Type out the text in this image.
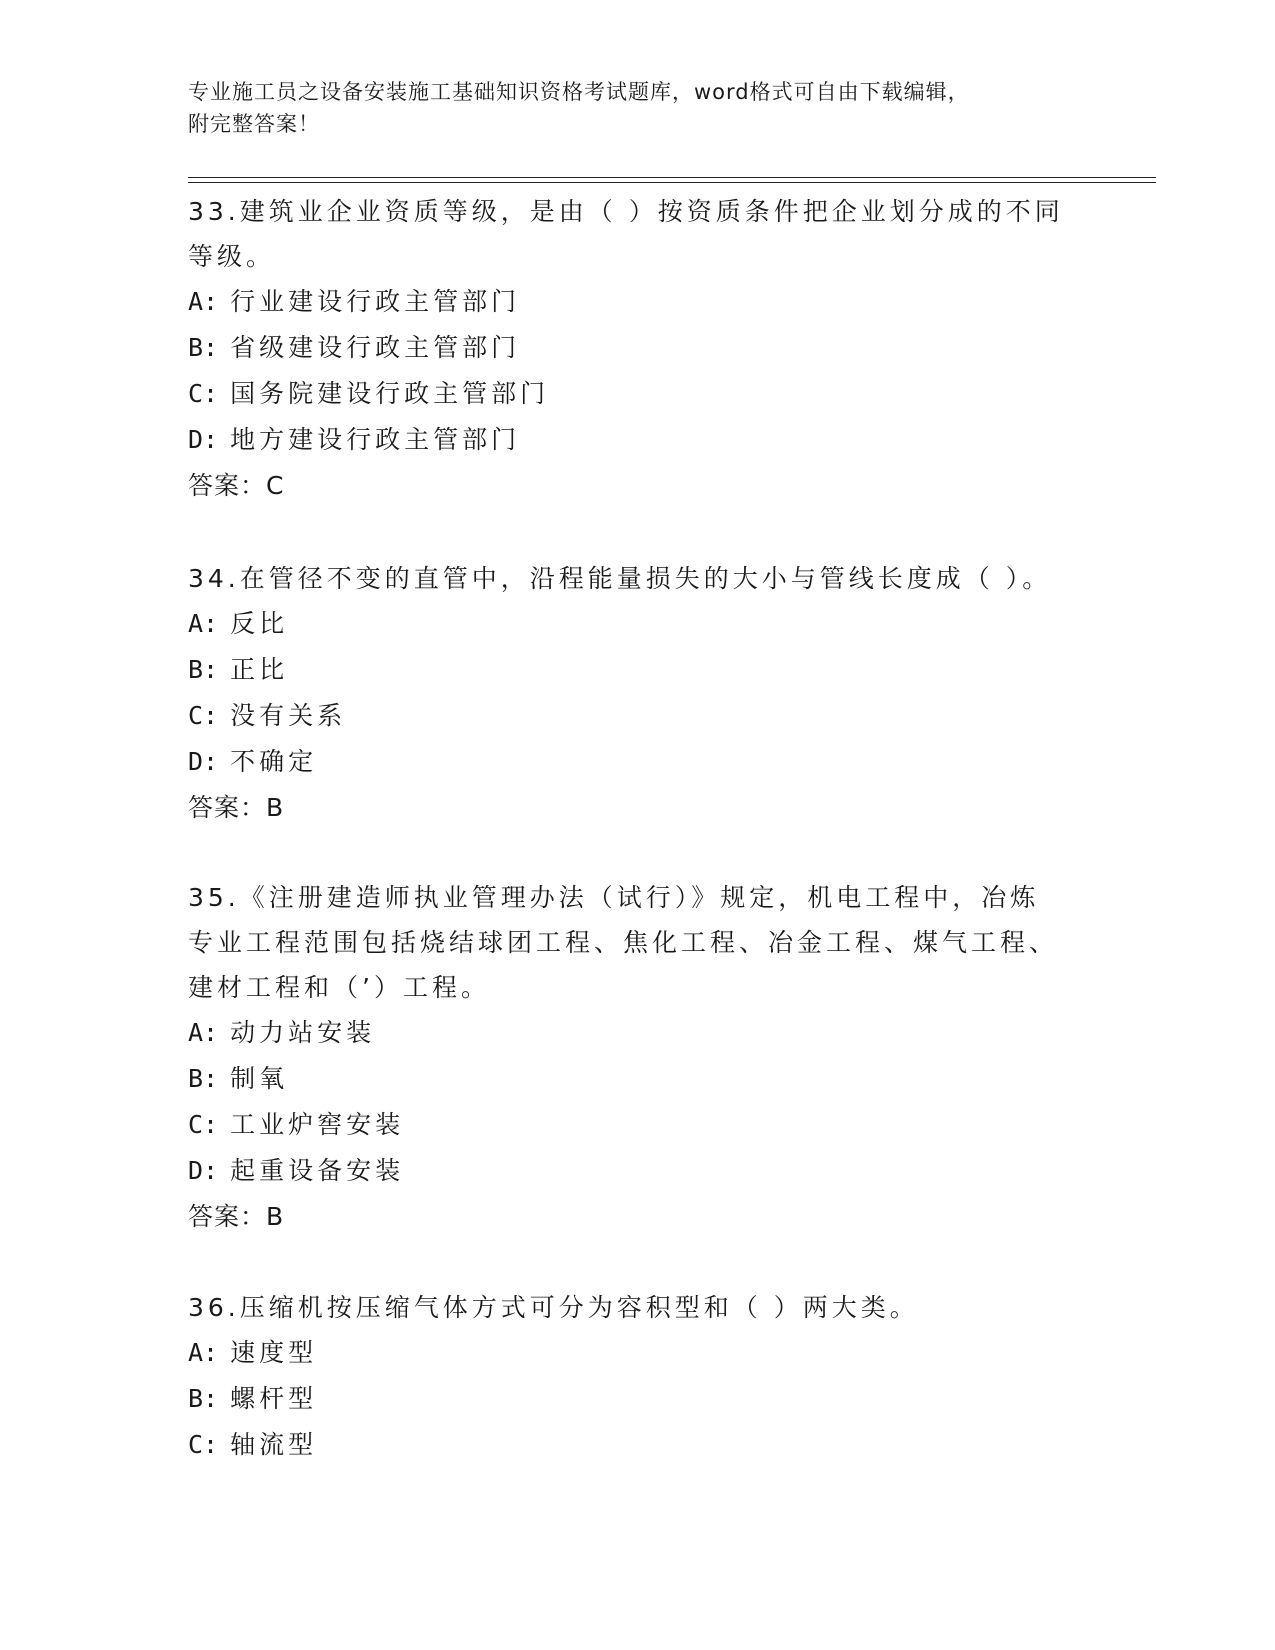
专业施工员之设备安装施工基础知识资格考试题库，word格式可自由下载编辑，
附完整答案！

33.建筑业企业资质等级，是由（ ）按资质条件把企业划分成的不同等级。

A: 行业建设行政主管部门

B: 省级建设行政主管部门

C: 国务院建设行政主管部门

D: 地方建设行政主管部门

答案：C

34.在管径不变的直管中，沿程能量损失的大小与管线长度成（ ）。

A: 反比

B: 正比

C: 没有关系

D: 不确定

答案：B

35.《注册建造师执业管理办法（试行）》规定，机电工程中，冶炼专业工程范围包括烧结球团工程、焦化工程、冶金工程、煤气工程、建材工程和（’）工程。

A: 动力站安装

B: 制氧

C: 工业炉窖安装

D: 起重设备安装

答案：B

36.压缩机按压缩气体方式可分为容积型和（ ）两大类。

A: 速度型

B: 螺杆型

C: 轴流型
